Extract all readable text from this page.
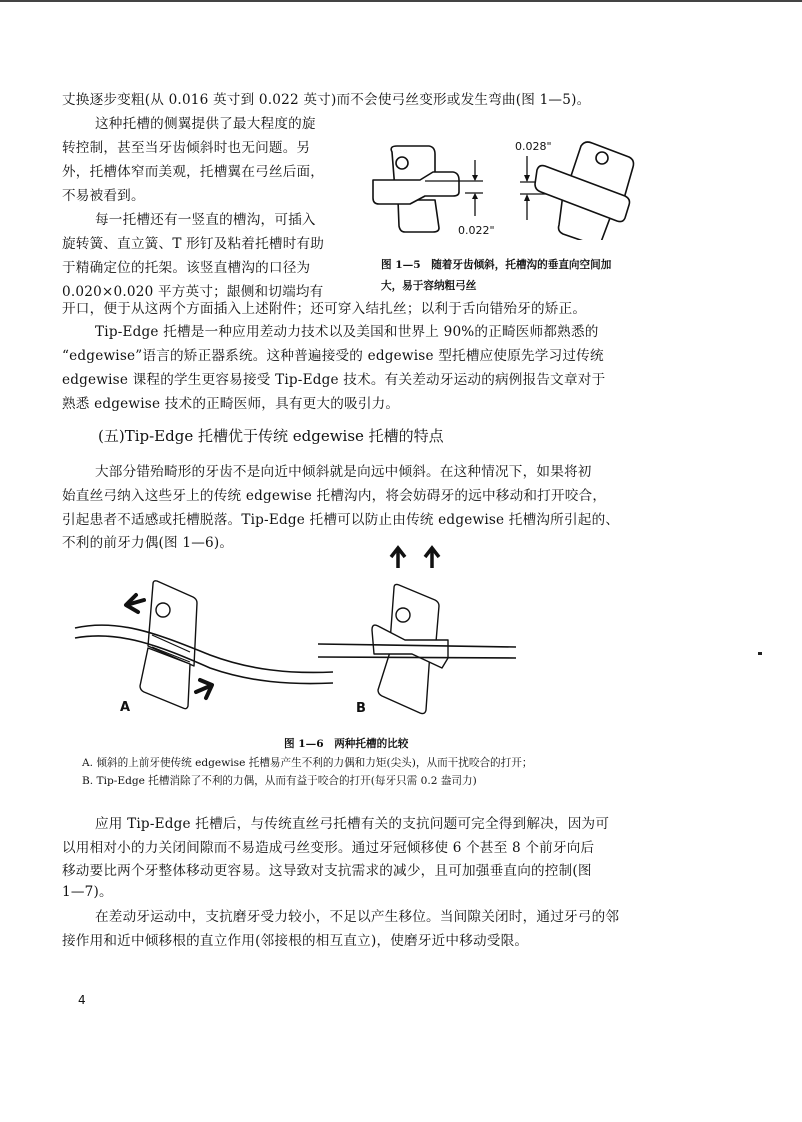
丈换逐步变粗(从 0.016 英寸到 0.022 英寸)而不会使弓丝变形或发生弯曲(图 1—5)。
这种托槽的侧翼提供了最大程度的旋
转控制，甚至当牙齿倾斜时也无问题。另
外，托槽体窄而美观，托槽翼在弓丝后面，
不易被看到。
每一托槽还有一竖直的槽沟，可插入
旋转簧、直立簧、T 形钉及粘着托槽时有助
于精确定位的托架。该竖直槽沟的口径为
0.020×0.020 平方英寸；龈侧和切端均有
开口，便于从这两个方面插入上述附件；还可穿入结扎丝；以利于舌向错殆牙的矫正。
0.022"
0.028"
图 1—5　随着牙齿倾斜，托槽沟的垂直向空间加
大，易于容纳粗弓丝
Tip-Edge 托槽是一种应用差动力技术以及美国和世界上 90%的正畸医师都熟悉的
“edgewise”语言的矫正器系统。这种普遍接受的 edgewise 型托槽应使原先学习过传统
edgewise 课程的学生更容易接受 Tip-Edge 技术。有关差动牙运动的病例报告文章对于
熟悉 edgewise 技术的正畸医师，具有更大的吸引力。
(五)Tip-Edge 托槽优于传统 edgewise 托槽的特点
大部分错殆畸形的牙齿不是向近中倾斜就是向远中倾斜。在这种情况下，如果将初
始直丝弓纳入这些牙上的传统 edgewise 托槽沟内，将会妨碍牙的远中移动和打开咬合，
引起患者不适感或托槽脱落。Tip-Edge 托槽可以防止由传统 edgewise 托槽沟所引起的、
不利的前牙力偶(图 1—6)。
A	B
图 1—6　两种托槽的比较
A. 倾斜的上前牙使传统 edgewise 托槽易产生不利的力偶和力矩(尖头)，从而干扰咬合的打开；
B. Tip-Edge 托槽消除了不利的力偶，从而有益于咬合的打开(每牙只需 0.2 盎司力)
应用 Tip-Edge 托槽后，与传统直丝弓托槽有关的支抗问题可完全得到解决，因为可
以用相对小的力关闭间隙而不易造成弓丝变形。通过牙冠倾移使 6 个甚至 8 个前牙向后
移动要比两个牙整体移动更容易。这导致对支抗需求的减少，且可加强垂直向的控制(图
1—7)。
在差动牙运动中，支抗磨牙受力较小，不足以产生移位。当间隙关闭时，通过牙弓的邻
接作用和近中倾移根的直立作用(邻接根的相互直立)，使磨牙近中移动受限。
4
